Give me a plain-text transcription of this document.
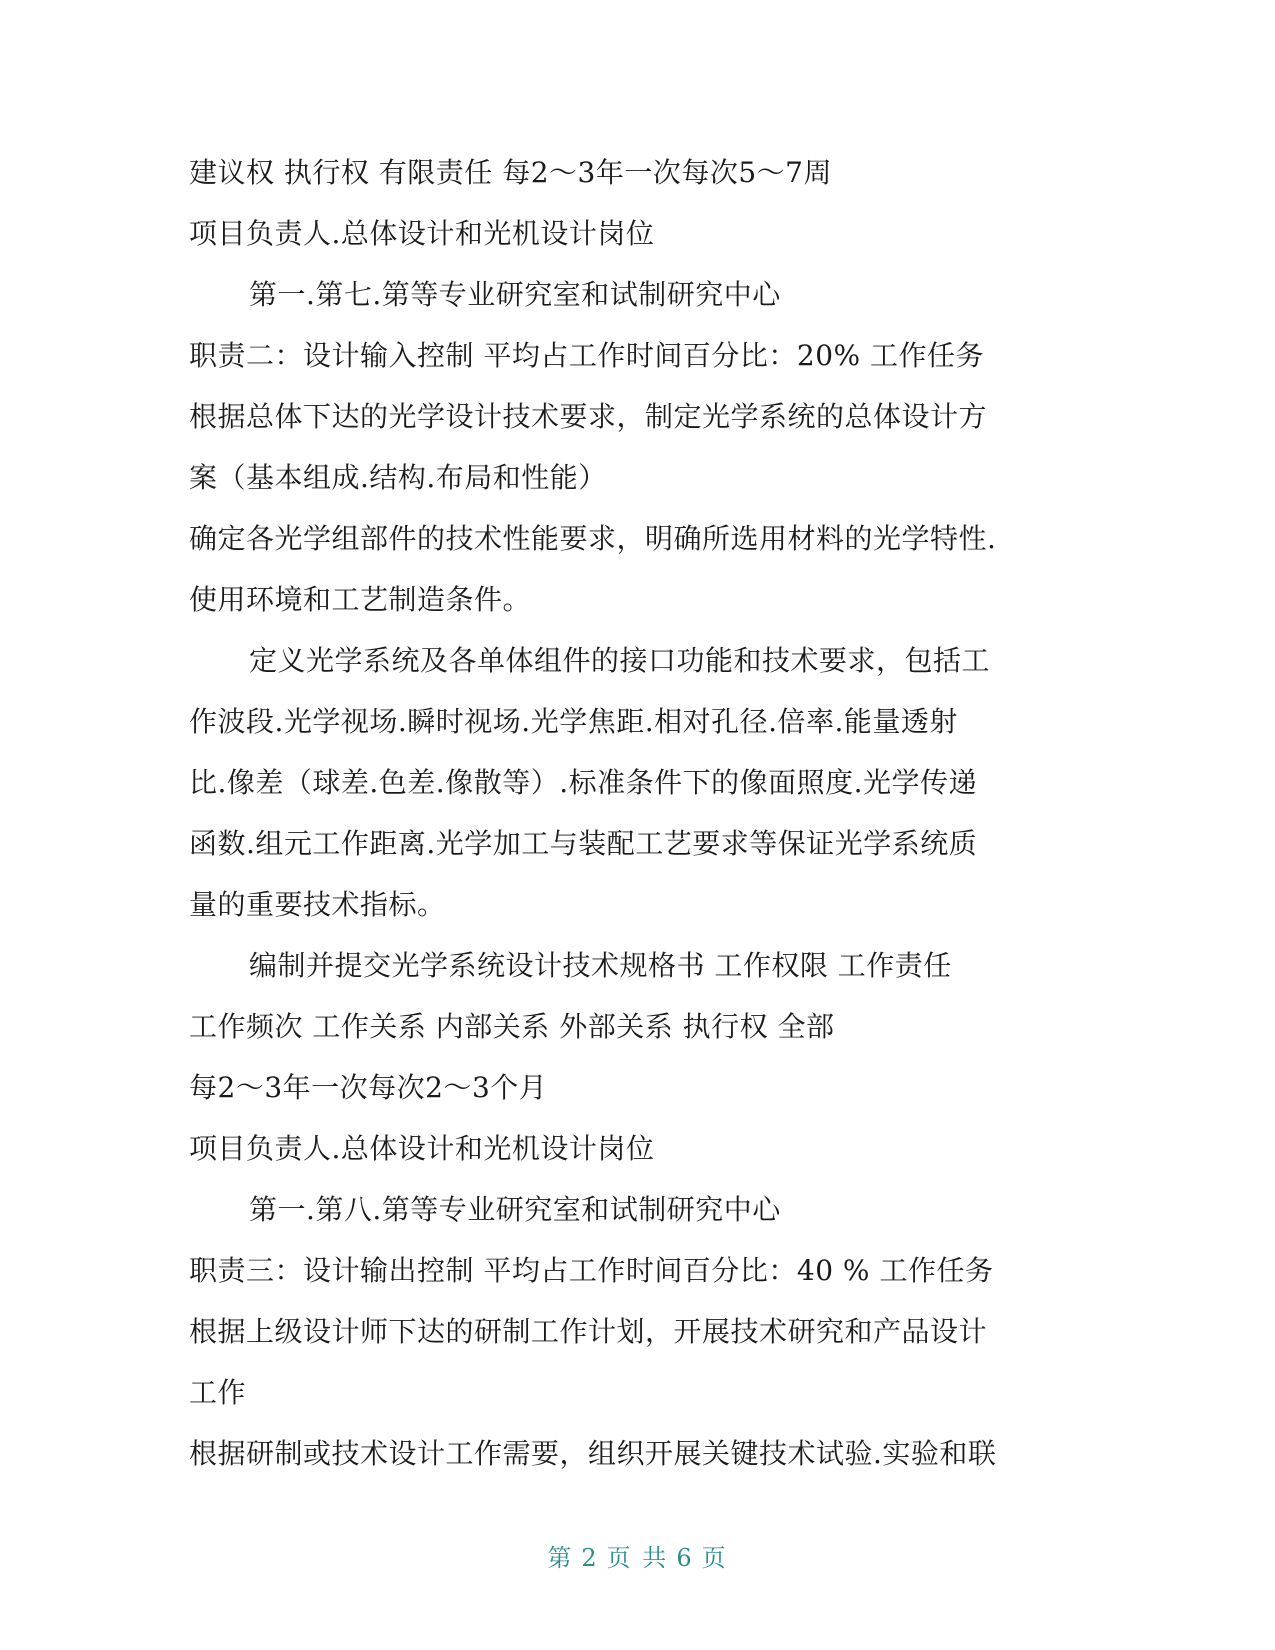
建议权 执行权 有限责任 每2～3年一次每次5～7周
项目负责人.总体设计和光机设计岗位
第一.第七.第等专业研究室和试制研究中心
职责二：设计输入控制 平均占工作时间百分比：20% 工作任务
根据总体下达的光学设计技术要求，制定光学系统的总体设计方
案（基本组成.结构.布局和性能）
确定各光学组部件的技术性能要求，明确所选用材料的光学特性.
使用环境和工艺制造条件。
定义光学系统及各单体组件的接口功能和技术要求，包括工
作波段.光学视场.瞬时视场.光学焦距.相对孔径.倍率.能量透射
比.像差（球差.色差.像散等）.标准条件下的像面照度.光学传递
函数.组元工作距离.光学加工与装配工艺要求等保证光学系统质
量的重要技术指标。
编制并提交光学系统设计技术规格书 工作权限 工作责任
工作频次 工作关系 内部关系 外部关系 执行权 全部
每2～3年一次每次2～3个月
项目负责人.总体设计和光机设计岗位
第一.第八.第等专业研究室和试制研究中心
职责三：设计输出控制 平均占工作时间百分比：40 % 工作任务
根据上级设计师下达的研制工作计划，开展技术研究和产品设计
工作
根据研制或技术设计工作需要，组织开展关键技术试验.实验和联
第 2 页 共 6 页
